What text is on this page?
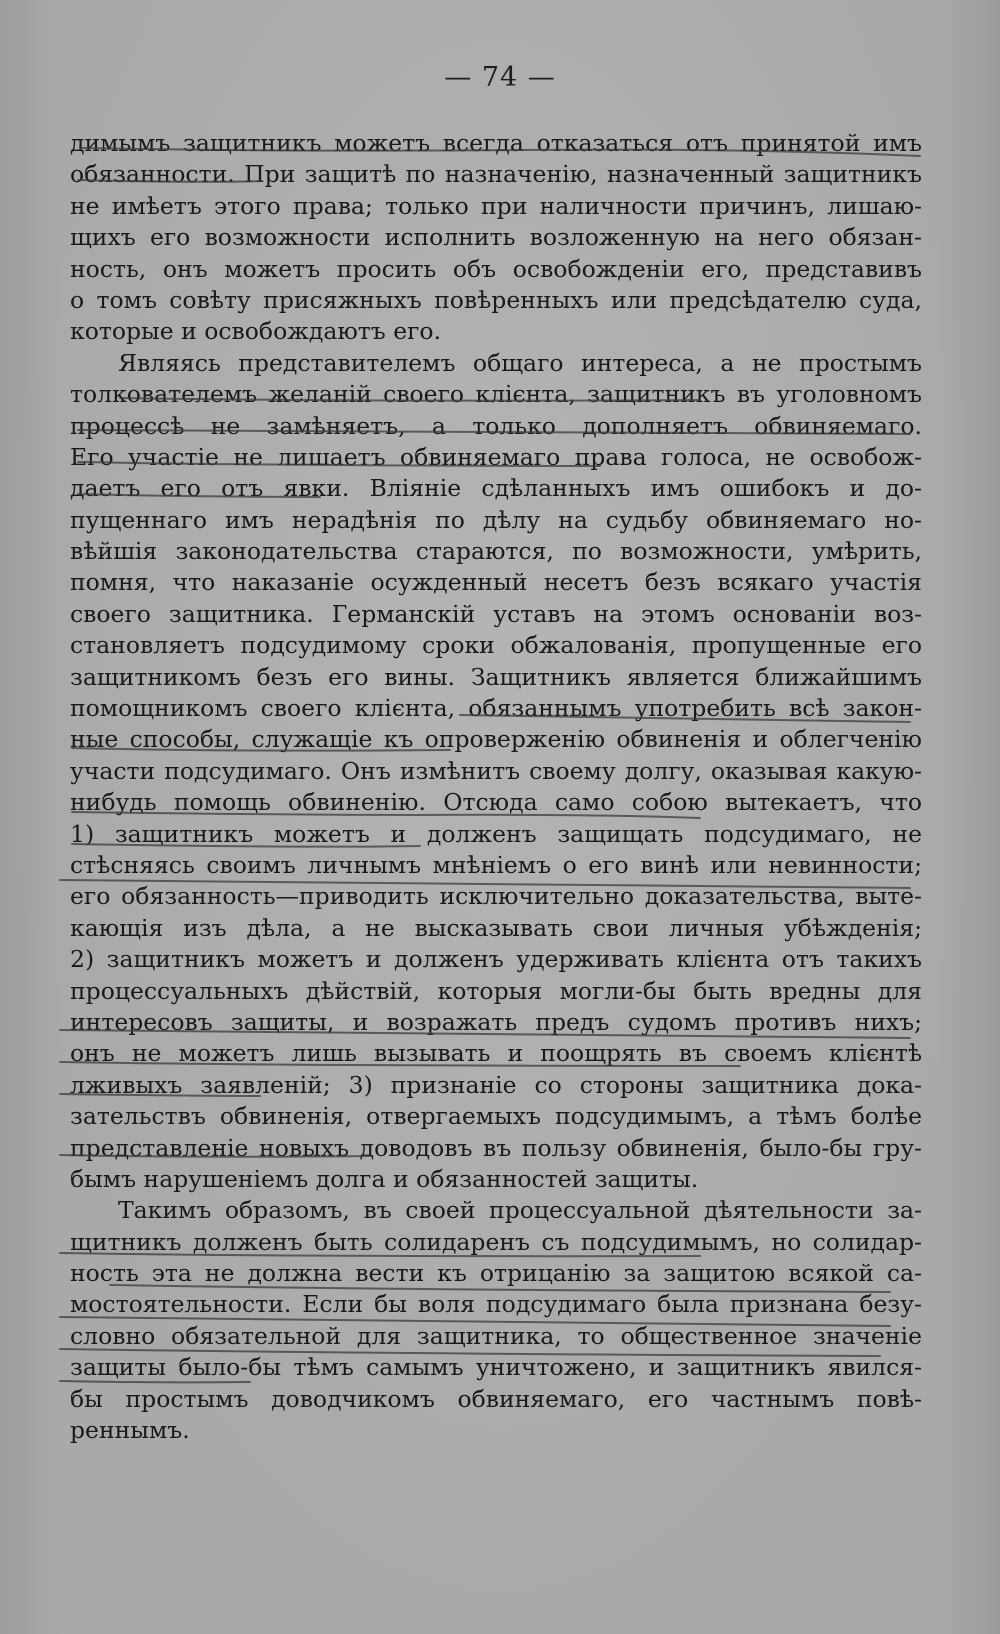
— 74 —
димымъ защитникъ можетъ всегда отказаться отъ принятой имъ
обязанности. При защитѣ по назначенію, назначенный защитникъ
не имѣетъ этого права; только при наличности причинъ, лишаю-
щихъ его возможности исполнить возложенную на него обязан-
ность, онъ можетъ просить объ освобожденіи его, представивъ
о томъ совѣту присяжныхъ повѣренныхъ или предсѣдателю суда,
которые и освобождаютъ его.
Являясь представителемъ общаго интереса, а не простымъ
толкователемъ желаній своего клієнта, защитникъ въ уголовномъ
процессѣ не замѣняетъ, а только дополняетъ обвиняемаго.
Его участіе не лишаетъ обвиняемаго права голоса, не освобож-
даетъ его отъ явки. Вліяніе сдѣланныхъ имъ ошибокъ и до-
пущеннаго имъ нерадѣнія по дѣлу на судьбу обвиняемаго но-
вѣйшія законодательства стараются, по возможности, умѣрить,
помня, что наказаніе осужденный несетъ безъ всякаго участія
своего защитника. Германскій уставъ на этомъ основаніи воз-
становляетъ подсудимому сроки обжалованія, пропущенные его
защитникомъ безъ его вины. Защитникъ является ближайшимъ
помощникомъ своего клієнта, обязаннымъ употребить всѣ закон-
ные способы, служащіе къ опроверженію обвиненія и облегченію
участи подсудимаго. Онъ измѣнитъ своему долгу, оказывая какую-
нибудь помощь обвиненію. Отсюда само собою вытекаетъ, что
1) защитникъ можетъ и долженъ защищать подсудимаго, не
стѣсняясь своимъ личнымъ мнѣніемъ о его винѣ или невинности;
его обязанность—приводить исключительно доказательства, выте-
кающія изъ дѣла, а не высказывать свои личныя убѣжденія;
2) защитникъ можетъ и долженъ удерживать клієнта отъ такихъ
процессуальныхъ дѣйствій, которыя могли-бы быть вредны для
интересовъ защиты, и возражать предъ судомъ противъ нихъ;
онъ не можетъ лишь вызывать и поощрять въ своемъ клієнтѣ
лживыхъ заявленій; 3) признаніе со стороны защитника дока-
зательствъ обвиненія, отвергаемыхъ подсудимымъ, а тѣмъ болѣе
представленіе новыхъ доводовъ въ пользу обвиненія, было-бы гру-
бымъ нарушеніемъ долга и обязанностей защиты.
Такимъ образомъ, въ своей процессуальной дѣятельности за-
щитникъ долженъ быть солидаренъ съ подсудимымъ, но солидар-
ность эта не должна вести къ отрицанію за защитою всякой са-
мостоятельности. Если бы воля подсудимаго была признана безу-
словно обязательной для защитника, то общественное значеніе
защиты было-бы тѣмъ самымъ уничтожено, и защитникъ явился-
бы простымъ доводчикомъ обвиняемаго, его частнымъ повѣ-
реннымъ.
